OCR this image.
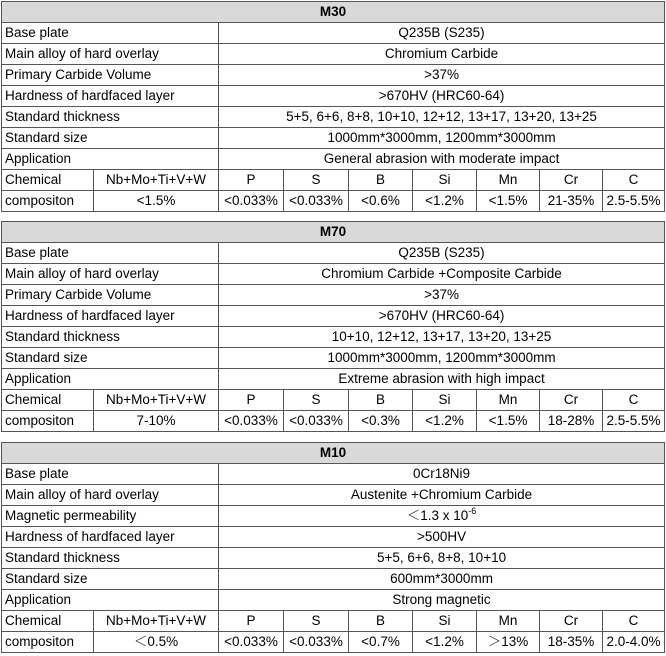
M30								
Base plate		Q235B (S235)						
Main alloy of hard overlay		Chromium Carbide						
Primary Carbide Volume		>37%						
Hardness of hardfaced layer		>670HV (HRC60-64)						
Standard thickness		5+5, 6+6, 8+8, 10+10, 12+12, 13+17, 13+20, 13+25						
Standard size		1000mm*3000mm, 1200mm*3000mm						
Application		General abrasion with moderate impact						
Chemical	Nb+Mo+Ti+V+W	P	S	B	Si	Mn	Cr	C
compositon	<1.5%	<0.033%	<0.033%	<0.6%	<1.2%	<1.5%	21-35%	2.5-5.5%
M70								
Base plate		Q235B (S235)						
Main alloy of hard overlay		Chromium Carbide +Composite Carbide						
Primary Carbide Volume		>37%						
Hardness of hardfaced layer		>670HV (HRC60-64)						
Standard thickness		10+10, 12+12, 13+17, 13+20, 13+25						
Standard size		1000mm*3000mm, 1200mm*3000mm						
Application		Extreme abrasion with high impact						
Chemical	Nb+Mo+Ti+V+W	P	S	B	Si	Mn	Cr	C
compositon	7-10%	<0.033%	<0.033%	<0.3%	<1.2%	<1.5%	18-28%	2.5-5.5%
M10								
Base plate		0Cr18Ni9						
Main alloy of hard overlay		Austenite +Chromium Carbide						
Magnetic permeability		＜1.3 x $10^{-6}$
Hardness of hardfaced layer		>500HV						
Standard thickness		5+5, 6+6, 8+8, 10+10						
Standard size		600mm*3000mm						
Application		Strong magnetic						
Chemical	Nb+Mo+Ti+V+W	P	S	B	Si	Mn	Cr	C
compositon	＜0.5%	<0.033%	<0.033%	<0.7%	<1.2%	＞13%	18-35%	2.0-4.0%
